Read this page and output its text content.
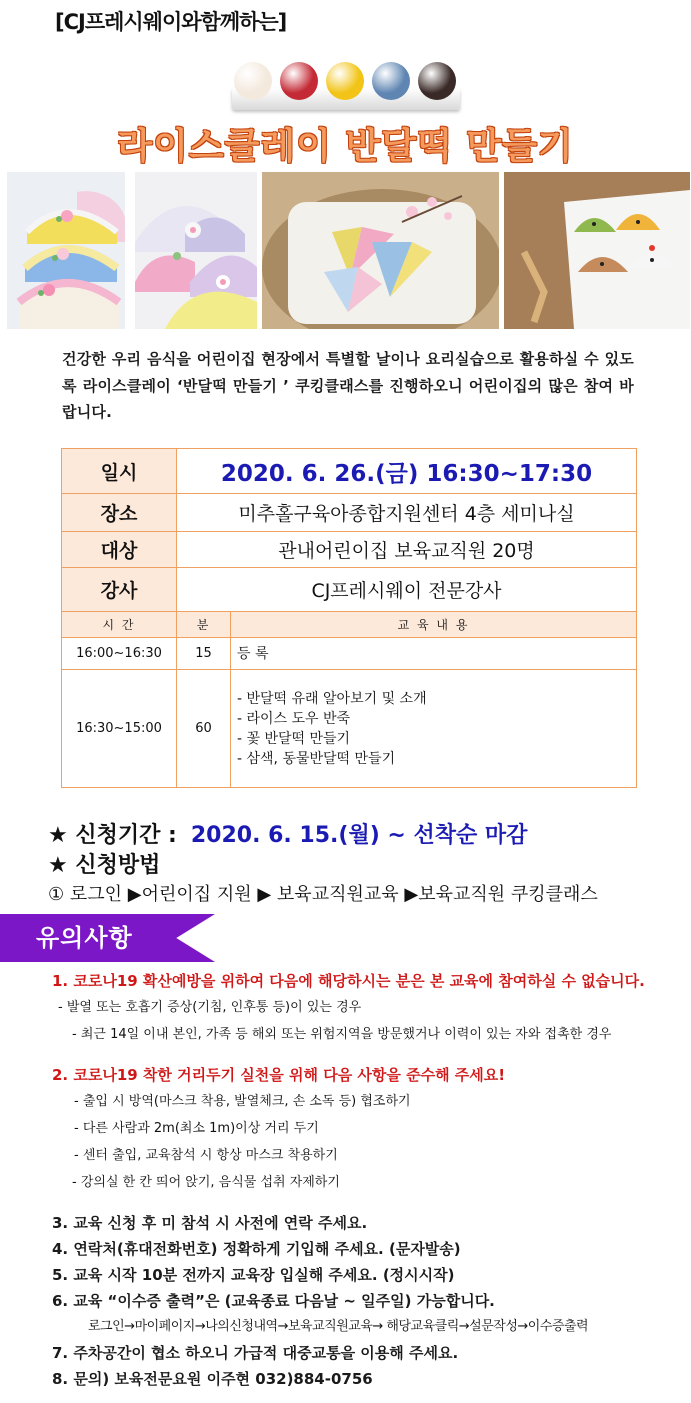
[CJ프레시웨이와함께하는]
라이스클레이 반달떡 만들기
건강한 우리 음식을 어린이집 현장에서 특별할 날이나 요리실습으로 활용하실 수 있도록 라이스클레이 ‘반달떡 만들기 ’ 쿠킹클래스를 진행하오니 어린이집의 많은 참여 바랍니다.
일시	2020. 6. 26.(금) 16:30~17:30	
장소	미추홀구육아종합지원센터 4층 세미나실	
대상	관내어린이집 보육교직원 20명	
강사	CJ프레시웨이 전문강사	
시 간	분	교 육 내 용
16:00~16:30	15	등 록

16:30~15:00	60	- 반달떡 유래 알아보기 및 소개
- 라이스 도우 반죽
- 꽃 반달떡 만들기
- 삼색, 동물반달떡 만들기
★ 신청기간 : 2020. 6. 15.(월) ~ 선착순 마감
★ 신청방법
① 로그인 ▶어린이집 지원 ▶ 보육교직원교육 ▶보육교직원 쿠킹클래스
유의사항
1. 코로나19 확산예방을 위하여 다음에 해당하시는 분은 본 교육에 참여하실 수 없습니다.
- 발열 또는 호흡기 증상(기침, 인후통 등)이 있는 경우
- 최근 14일 이내 본인, 가족 등 해외 또는 위험지역을 방문했거나 이력이 있는 자와 접촉한 경우
2. 코로나19 착한 거리두기 실천을 위해 다음 사항을 준수해 주세요!
- 출입 시 방역(마스크 착용, 발열체크, 손 소독 등) 협조하기
- 다른 사람과 2m(최소 1m)이상 거리 두기
- 센터 출입, 교육참석 시 항상 마스크 착용하기
- 강의실 한 칸 띄어 앉기, 음식물 섭취 자제하기
3. 교육 신청 후 미 참석 시 사전에 연락 주세요.
4. 연락처(휴대전화번호) 정확하게 기입해 주세요. (문자발송)
5. 교육 시작 10분 전까지 교육장 입실해 주세요. (정시시작)
6. 교육 “이수증 출력”은 (교육종료 다음날 ~ 일주일) 가능합니다.
로그인→마이페이지→나의신청내역→보육교직원교육→ 해당교육클릭→설문작성→이수증출력
7. 주차공간이 협소 하오니 가급적 대중교통을 이용해 주세요.
8. 문의) 보육전문요원 이주현 032)884-0756
